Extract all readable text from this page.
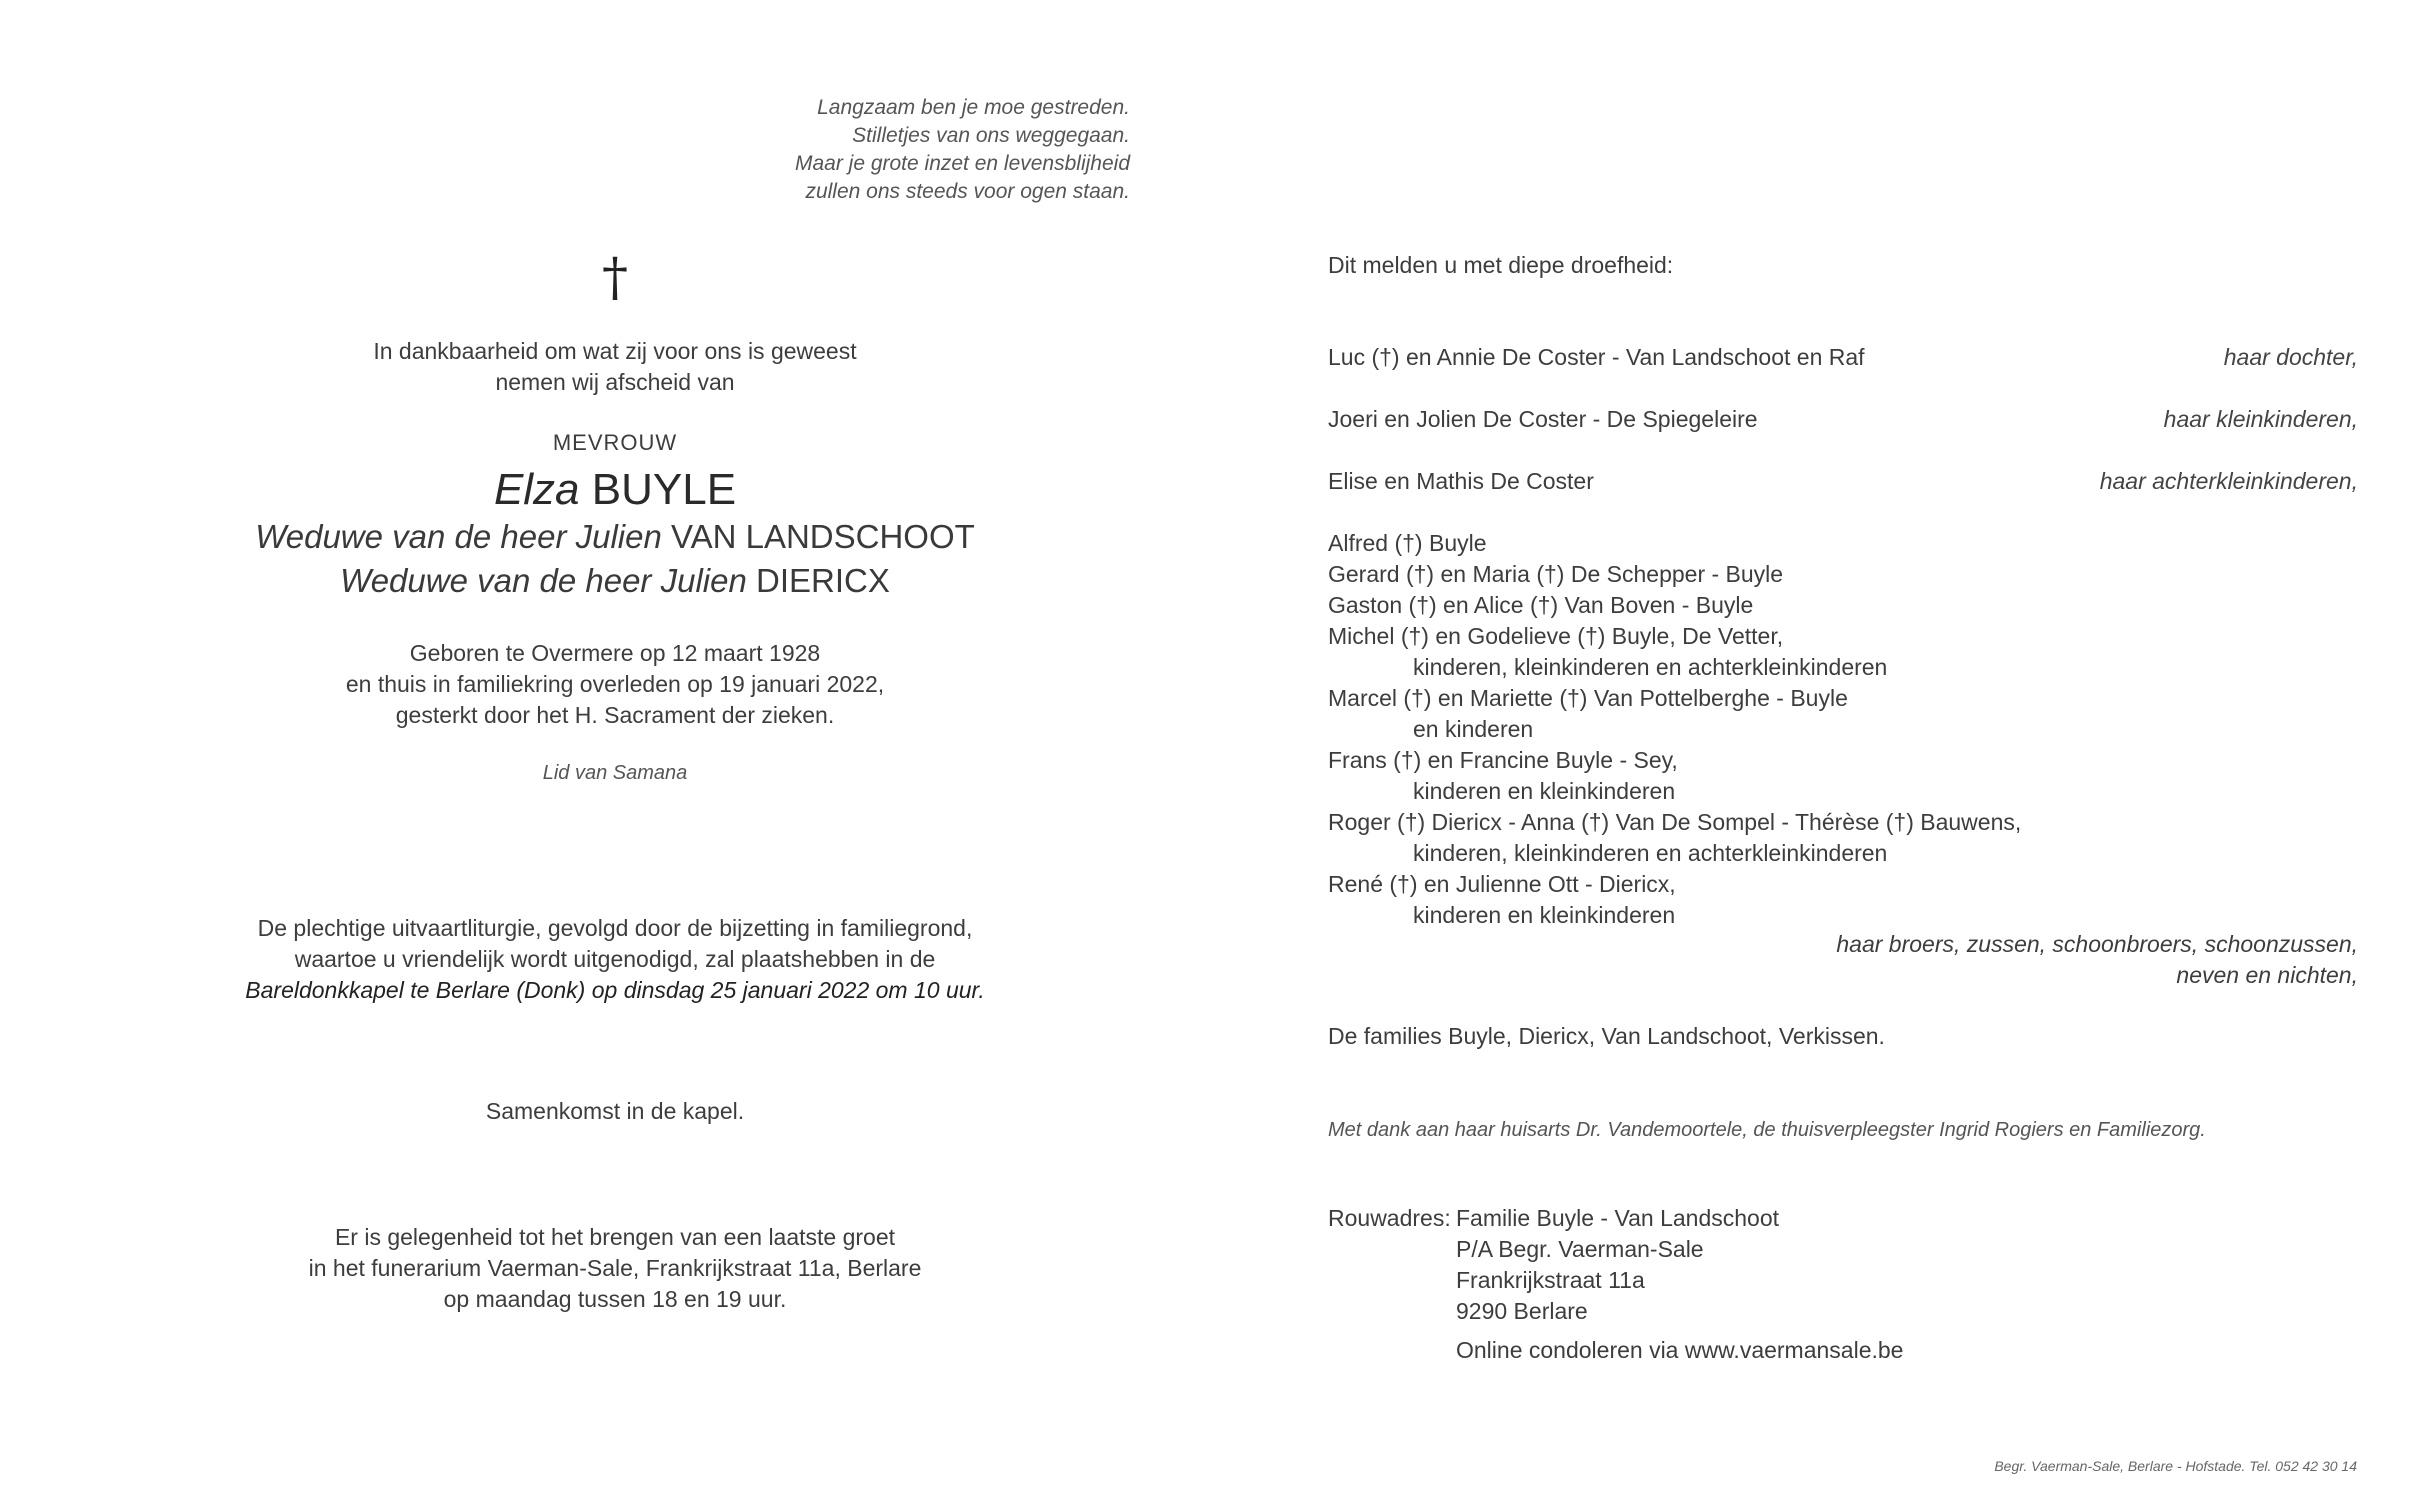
Langzaam ben je moe gestreden.
Stilletjes van ons weggegaan.
Maar je grote inzet en levensblijheid
zullen ons steeds voor ogen staan.
†
In dankbaarheid om wat zij voor ons is geweest
nemen wij afscheid van
MEVROUW
Elza BUYLE
Weduwe van de heer Julien VAN LANDSCHOOT
Weduwe van de heer Julien DIERICX
Geboren te Overmere op 12 maart 1928
en thuis in familiekring overleden op 19 januari 2022,
gesterkt door het H. Sacrament der zieken.
Lid van Samana
De plechtige uitvaartliturgie, gevolgd door de bijzetting in familiegrond,
waartoe u vriendelijk wordt uitgenodigd, zal plaatshebben in de
Bareldonkkapel te Berlare (Donk) op dinsdag 25 januari 2022 om 10 uur.
Samenkomst in de kapel.
Er is gelegenheid tot het brengen van een laatste groet
in het funerarium Vaerman-Sale, Frankrijkstraat 11a, Berlare
op maandag tussen 18 en 19 uur.
Dit melden u met diepe droefheid:
Luc (†) en Annie De Coster - Van Landschoot en Raf	haar dochter,
Joeri en Jolien De Coster - De Spiegeleire	haar kleinkinderen,
Elise en Mathis De Coster	haar achterkleinkinderen,
Alfred (†) Buyle
Gerard (†) en Maria (†) De Schepper - Buyle
Gaston (†) en Alice (†) Van Boven - Buyle
Michel (†) en Godelieve (†) Buyle, De Vetter,
kinderen, kleinkinderen en achterkleinkinderen
Marcel (†) en Mariette (†) Van Pottelberghe - Buyle
en kinderen
Frans (†) en Francine Buyle - Sey,
kinderen en kleinkinderen
Roger (†) Diericx - Anna (†) Van De Sompel - Thérèse (†) Bauwens,
kinderen, kleinkinderen en achterkleinkinderen
René (†) en Julienne Ott - Diericx,
kinderen en kleinkinderen
haar broers, zussen, schoonbroers, schoonzussen,
neven en nichten,
De families Buyle, Diericx, Van Landschoot, Verkissen.
Met dank aan haar huisarts Dr. Vandemoortele, de thuisverpleegster Ingrid Rogiers en Familiezorg.
Rouwadres: Familie Buyle - Van Landschoot
P/A Begr. Vaerman-Sale
Frankrijkstraat 11a
9290 Berlare
Online condoleren via www.vaermansale.be
Begr. Vaerman-Sale, Berlare - Hofstade. Tel. 052 42 30 14
